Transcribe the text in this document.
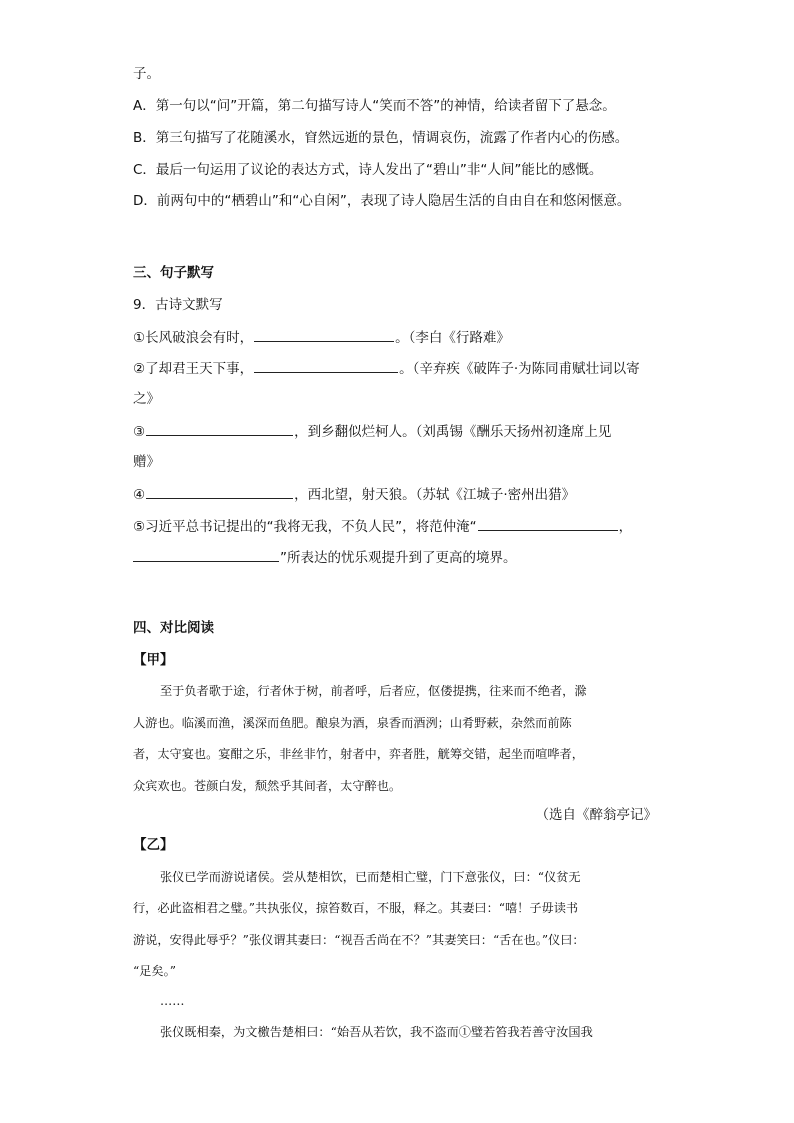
子。
A．第一句以“问”开篇，第二句描写诗人“笑而不答”的神情，给读者留下了悬念。
B．第三句描写了花随溪水，窅然远逝的景色，情调哀伤，流露了作者内心的伤感。
C．最后一句运用了议论的表达方式，诗人发出了“碧山”非“人间”能比的感慨。
D．前两句中的“栖碧山”和“心自闲”，表现了诗人隐居生活的自由自在和悠闲惬意。
三、句子默写
9．古诗文默写
①长风破浪会有时，	。（李白《行路难》
②了却君王天下事，	。（辛弃疾《破阵子·为陈同甫赋壮词以寄
之》
③	，到乡翻似烂柯人。（刘禹锡《酬乐天扬州初逢席上见
赠》
④	，西北望，射天狼。（苏轼《江城子·密州出猎》
⑤习近平总书记提出的“我将无我，不负人民”，将范仲淹“	，
”所表达的忧乐观提升到了更高的境界。
四、对比阅读
【甲】
至于负者歌于途，行者休于树，前者呼，后者应，伛偻提携，往来而不绝者，滁
人游也。临溪而渔，溪深而鱼肥。酿泉为酒，泉香而酒洌；山肴野蔌，杂然而前陈
者，太守宴也。宴酣之乐，非丝非竹，射者中，弈者胜，觥筹交错，起坐而喧哗者，
众宾欢也。苍颜白发，颓然乎其间者，太守醉也。
（选自《醉翁亭记》
【乙】
张仪已学而游说诸侯。尝从楚相饮，已而楚相亡璧，门下意张仪，曰：“仪贫无
行，必此盗相君之璧。”共执张仪，掠笞数百，不服，释之。其妻曰：“嘻！子毋读书
游说，安得此辱乎？”张仪谓其妻曰：“视吾舌尚在不？”其妻笑曰：“舌在也。”仪曰：
“足矣。”
……
张仪既相秦，为文檄告楚相曰：“始吾从若饮，我不盗而①璧若笞我若善守汝国我
